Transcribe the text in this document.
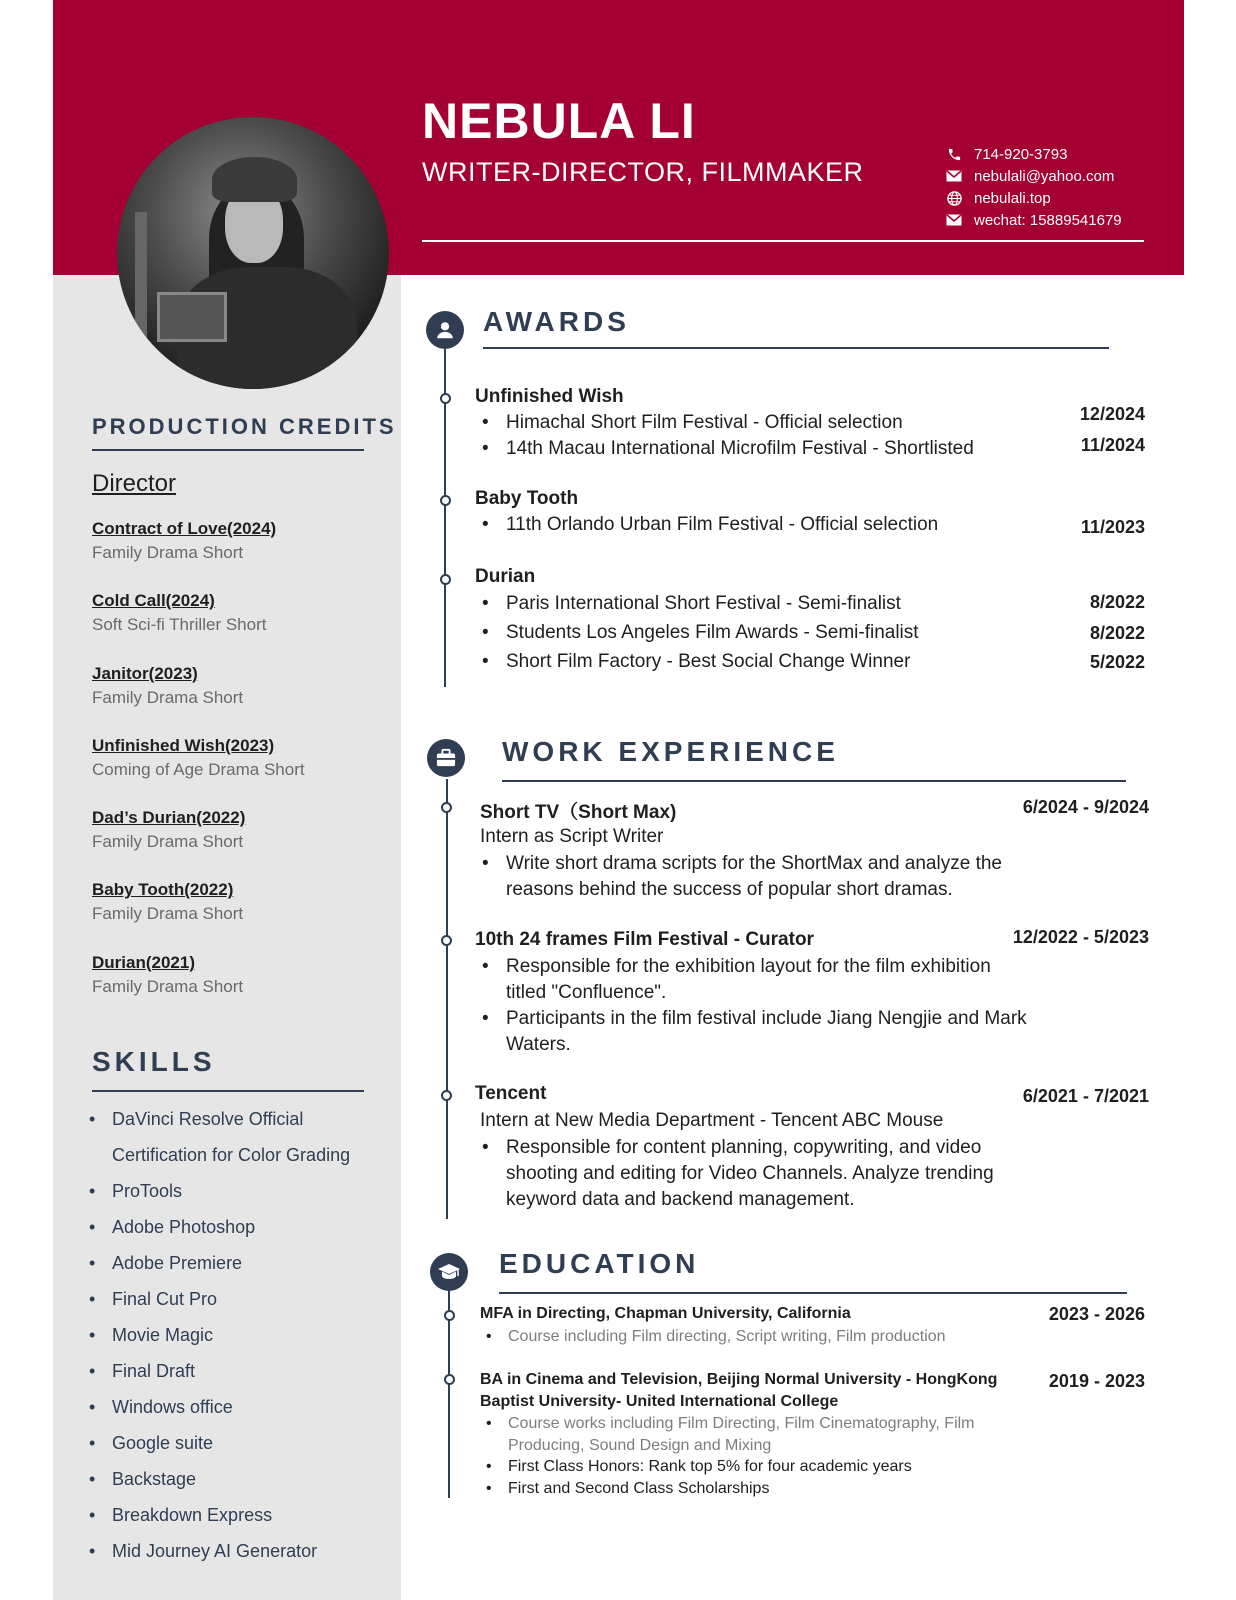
NEBULA LI
WRITER-DIRECTOR, FILMMAKER
714-920-3793
nebulali@yahoo.com
nebulali.top
wechat: 15889541679
PRODUCTION CREDITS
Director
Contract of Love(2024)
Family Drama Short
Cold Call(2024)
Soft Sci-fi Thriller Short
Janitor(2023)
Family Drama Short
Unfinished Wish(2023)
Coming of Age Drama Short
Dad’s Durian(2022)
Family Drama Short
Baby Tooth(2022)
Family Drama Short
Durian(2021)
Family Drama Short
SKILLS
• DaVinci Resolve Official
Certification for Color Grading
• ProTools
• Adobe Photoshop
• Adobe Premiere
• Final Cut Pro
• Movie Magic
• Final Draft
• Windows office
• Google suite
• Backstage
• Breakdown Express
• Mid Journey AI Generator
AWARDS
Unfinished Wish
• Himachal Short Film Festival - Official selection	12/2024
• 14th Macau International Microfilm Festival - Shortlisted	11/2024
Baby Tooth
• 11th Orlando Urban Film Festival - Official selection	11/2023
Durian
• Paris International Short Festival - Semi-finalist	8/2022
• Students Los Angeles Film Awards - Semi-finalist	8/2022
• Short Film Factory - Best Social Change Winner	5/2022
WORK EXPERIENCE
Short TV（Short Max)	6/2024 - 9/2024
Intern as Script Writer
• Write short drama scripts for the ShortMax and analyze the
reasons behind the success of popular short dramas.
10th 24 frames Film Festival - Curator	12/2022 - 5/2023
• Responsible for the exhibition layout for the film exhibition
titled "Confluence".
• Participants in the film festival include Jiang Nengjie and Mark
Waters.
Tencent	6/2021 - 7/2021
Intern at New Media Department - Tencent ABC Mouse
• Responsible for content planning, copywriting, and video
shooting and editing for Video Channels. Analyze trending
keyword data and backend management.
EDUCATION
MFA in Directing, Chapman University, California	2023 - 2026
• Course including Film directing, Script writing, Film production
BA in Cinema and Television, Beijing Normal University - HongKong
Baptist University- United International College
2019 - 2023
• Course works including Film Directing, Film Cinematography, Film
Producing, Sound Design and Mixing
• First Class Honors: Rank top 5% for four academic years
• First and Second Class Scholarships
